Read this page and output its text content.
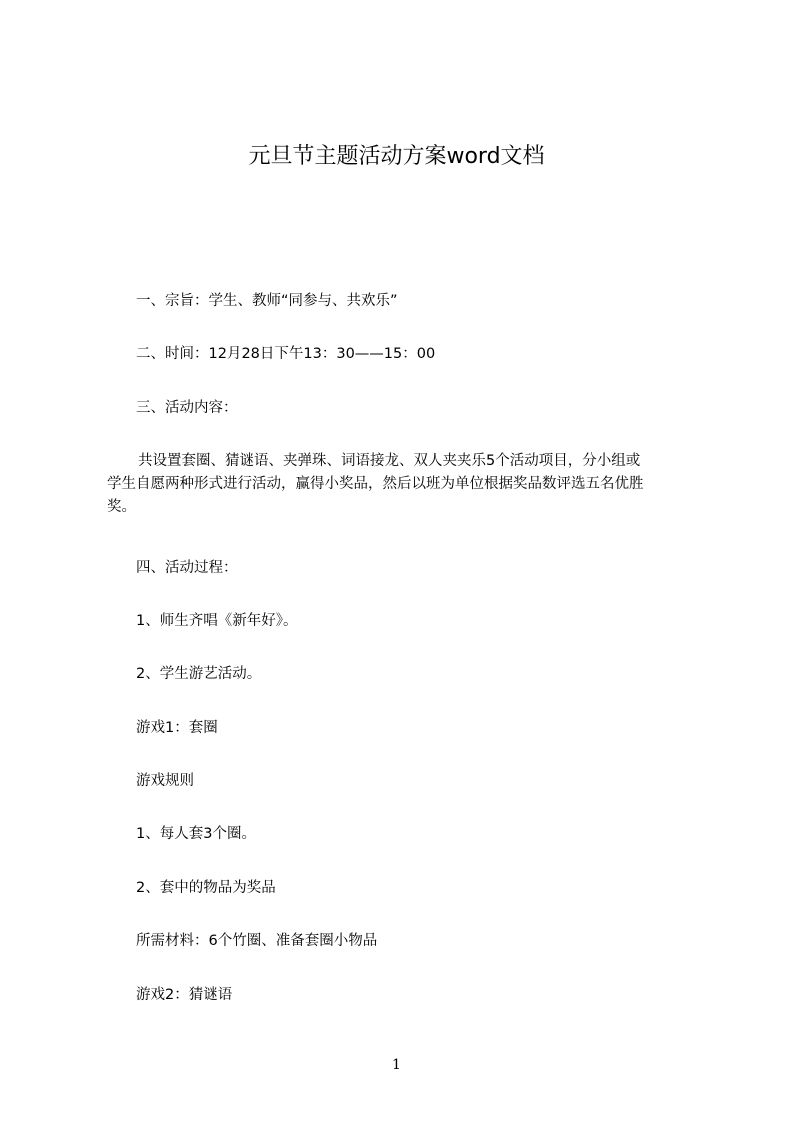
元旦节主题活动方案word文档

一、宗旨：学生、教师“同参与、共欢乐”

二、时间：12月28日下午13：30——15：00

三、活动内容：

共设置套圈、猜谜语、夹弹珠、词语接龙、双人夹夹乐5个活动项目，分小组或
学生自愿两种形式进行活动，赢得小奖品，然后以班为单位根据奖品数评选五名优胜
奖。

四、活动过程：

1、师生齐唱《新年好》。

2、学生游艺活动。

游戏1：套圈

游戏规则

1、每人套3个圈。

2、套中的物品为奖品

所需材料：6个竹圈、准备套圈小物品

游戏2：猜谜语

1
